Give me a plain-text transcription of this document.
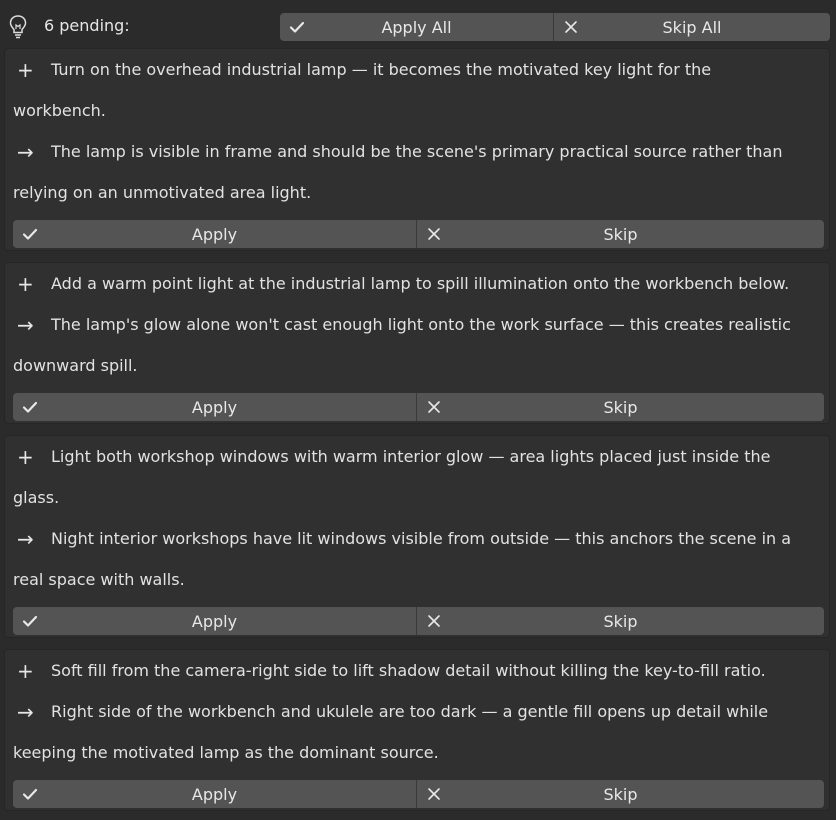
6 pending:	Apply All	Skip All
+	Turn on the overhead industrial lamp — it becomes the motivated key light for the
workbench.
→	The lamp is visible in frame and should be the scene's primary practical source rather than
relying on an unmotivated area light.
Apply	Skip
+	Add a warm point light at the industrial lamp to spill illumination onto the workbench below.
→	The lamp's glow alone won't cast enough light onto the work surface — this creates realistic
downward spill.
Apply	Skip
+	Light both workshop windows with warm interior glow — area lights placed just inside the
glass.
→	Night interior workshops have lit windows visible from outside — this anchors the scene in a
real space with walls.
Apply	Skip
+	Soft fill from the camera-right side to lift shadow detail without killing the key-to-fill ratio.
→	Right side of the workbench and ukulele are too dark — a gentle fill opens up detail while
keeping the motivated lamp as the dominant source.
Apply	Skip
